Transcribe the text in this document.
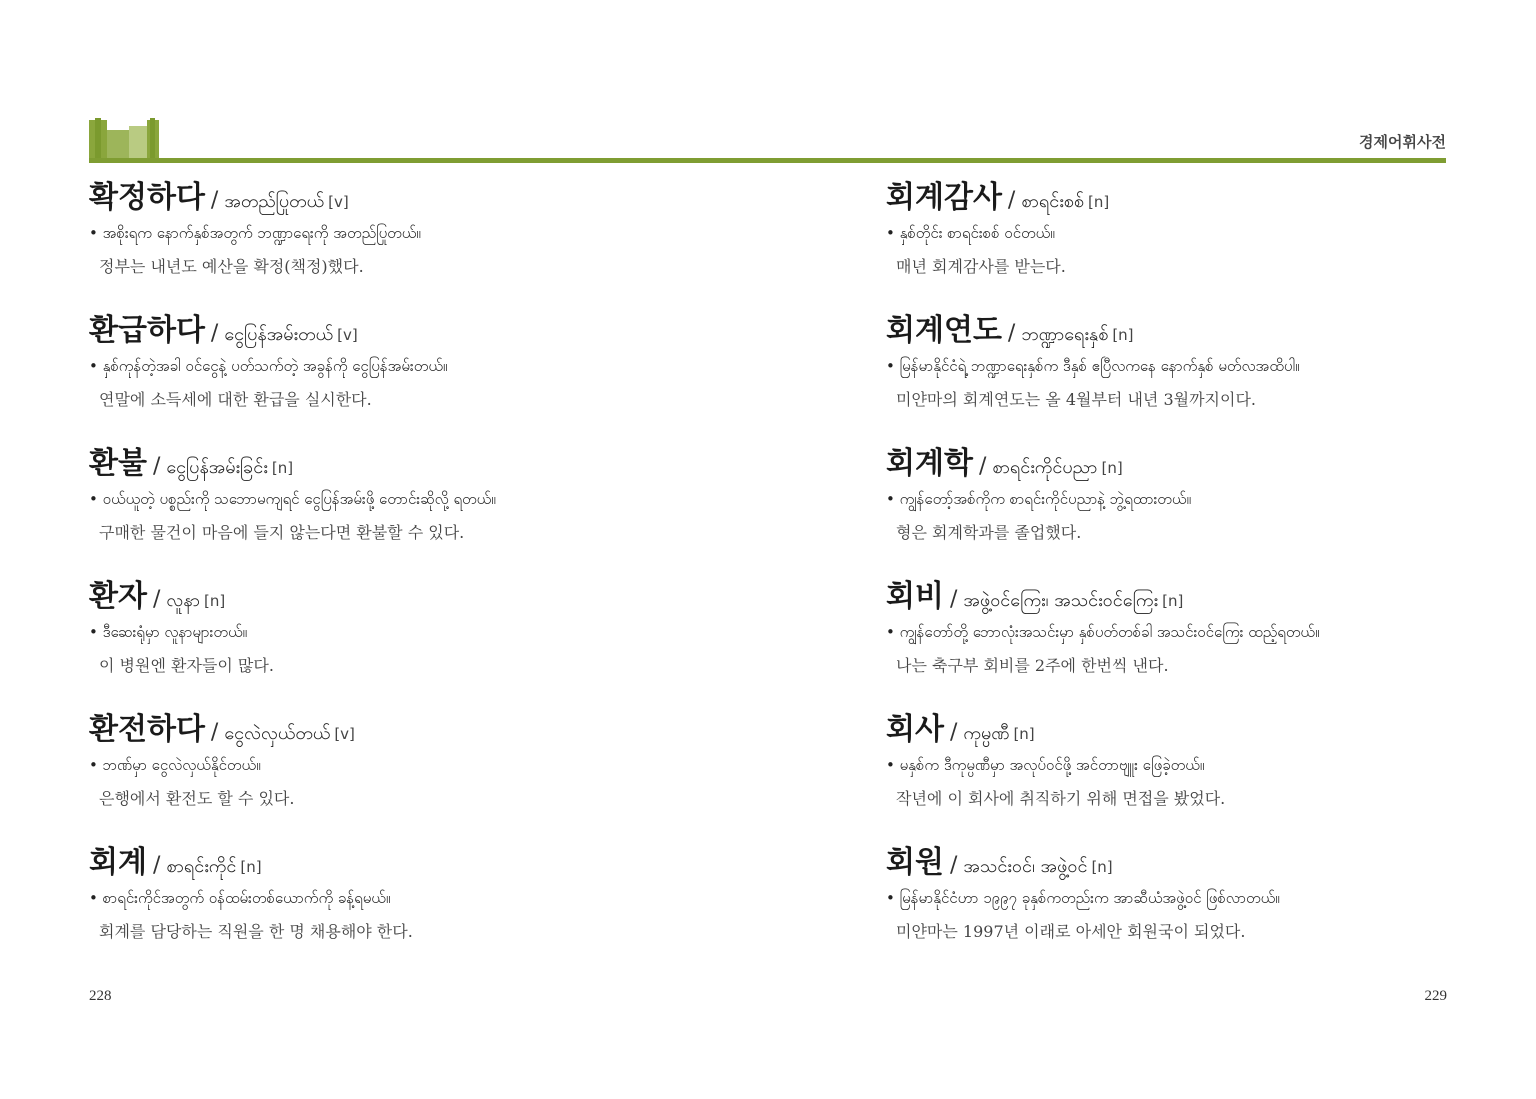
경제어휘사전
확정하다 / အတည်ပြုတယ် [v]
• အစိုးရက နောက်နှစ်အတွက် ဘဏ္ဍာရေးကို အတည်ပြုတယ်။
정부는 내년도 예산을 확정(책정)했다.
환급하다 / ငွေပြန်အမ်းတယ် [v]
• နှစ်ကုန်တဲ့အခါ ဝင်ငွေနဲ့ ပတ်သက်တဲ့ အခွန်ကို ငွေပြန်အမ်းတယ်။
연말에 소득세에 대한 환급을 실시한다.
환불 / ငွေပြန်အမ်းခြင်း [n]
• ဝယ်ယူတဲ့ ပစ္စည်းကို သဘောမကျရင် ငွေပြန်အမ်းဖို့ တောင်းဆိုလို့ ရတယ်။
구매한 물건이 마음에 들지 않는다면 환불할 수 있다.
환자 / လူနာ [n]
• ဒီဆေးရုံမှာ လူနာများတယ်။
이 병원엔 환자들이 많다.
환전하다 / ငွေလဲလှယ်တယ် [v]
• ဘဏ်မှာ ငွေလဲလှယ်နိုင်တယ်။
은행에서 환전도 할 수 있다.
회계 / စာရင်းကိုင် [n]
• စာရင်းကိုင်အတွက် ဝန်ထမ်းတစ်ယောက်ကို ခန့်ရမယ်။
회계를 담당하는 직원을 한 명 채용해야 한다.
회계감사 / စာရင်းစစ် [n]
• နှစ်တိုင်း စာရင်းစစ် ဝင်တယ်။
매년 회계감사를 받는다.
회계연도 / ဘဏ္ဍာရေးနှစ် [n]
• မြန်မာနိုင်ငံရဲ့ ဘဏ္ဍာရေးနှစ်က ဒီနှစ် ဧပြီလကနေ နောက်နှစ် မတ်လအထိပါ။
미얀마의 회계연도는 올 4월부터 내년 3월까지이다.
회계학 / စာရင်းကိုင်ပညာ [n]
• ကျွန်တော့်အစ်ကိုက စာရင်းကိုင်ပညာနဲ့ ဘွဲ့ရထားတယ်။
형은 회계학과를 졸업했다.
회비 / အဖွဲ့ဝင်ကြေး၊ အသင်းဝင်ကြေး [n]
• ကျွန်တော်တို့ ဘောလုံးအသင်းမှာ နှစ်ပတ်တစ်ခါ အသင်းဝင်ကြေး ထည့်ရတယ်။
나는 축구부 회비를 2주에 한번씩 낸다.
회사 / ကုမ္ပဏီ [n]
• မနှစ်က ဒီကုမ္ပဏီမှာ အလုပ်ဝင်ဖို့ အင်တာဗျူး ဖြေခဲ့တယ်။
작년에 이 회사에 취직하기 위해 면접을 봤었다.
회원 / အသင်းဝင်၊ အဖွဲ့ဝင် [n]
• မြန်မာနိုင်ငံဟာ ၁၉၉၇ ခုနှစ်ကတည်းက အာဆီယံအဖွဲ့ဝင် ဖြစ်လာတယ်။
미얀마는 1997년 이래로 아세안 회원국이 되었다.
228	229
